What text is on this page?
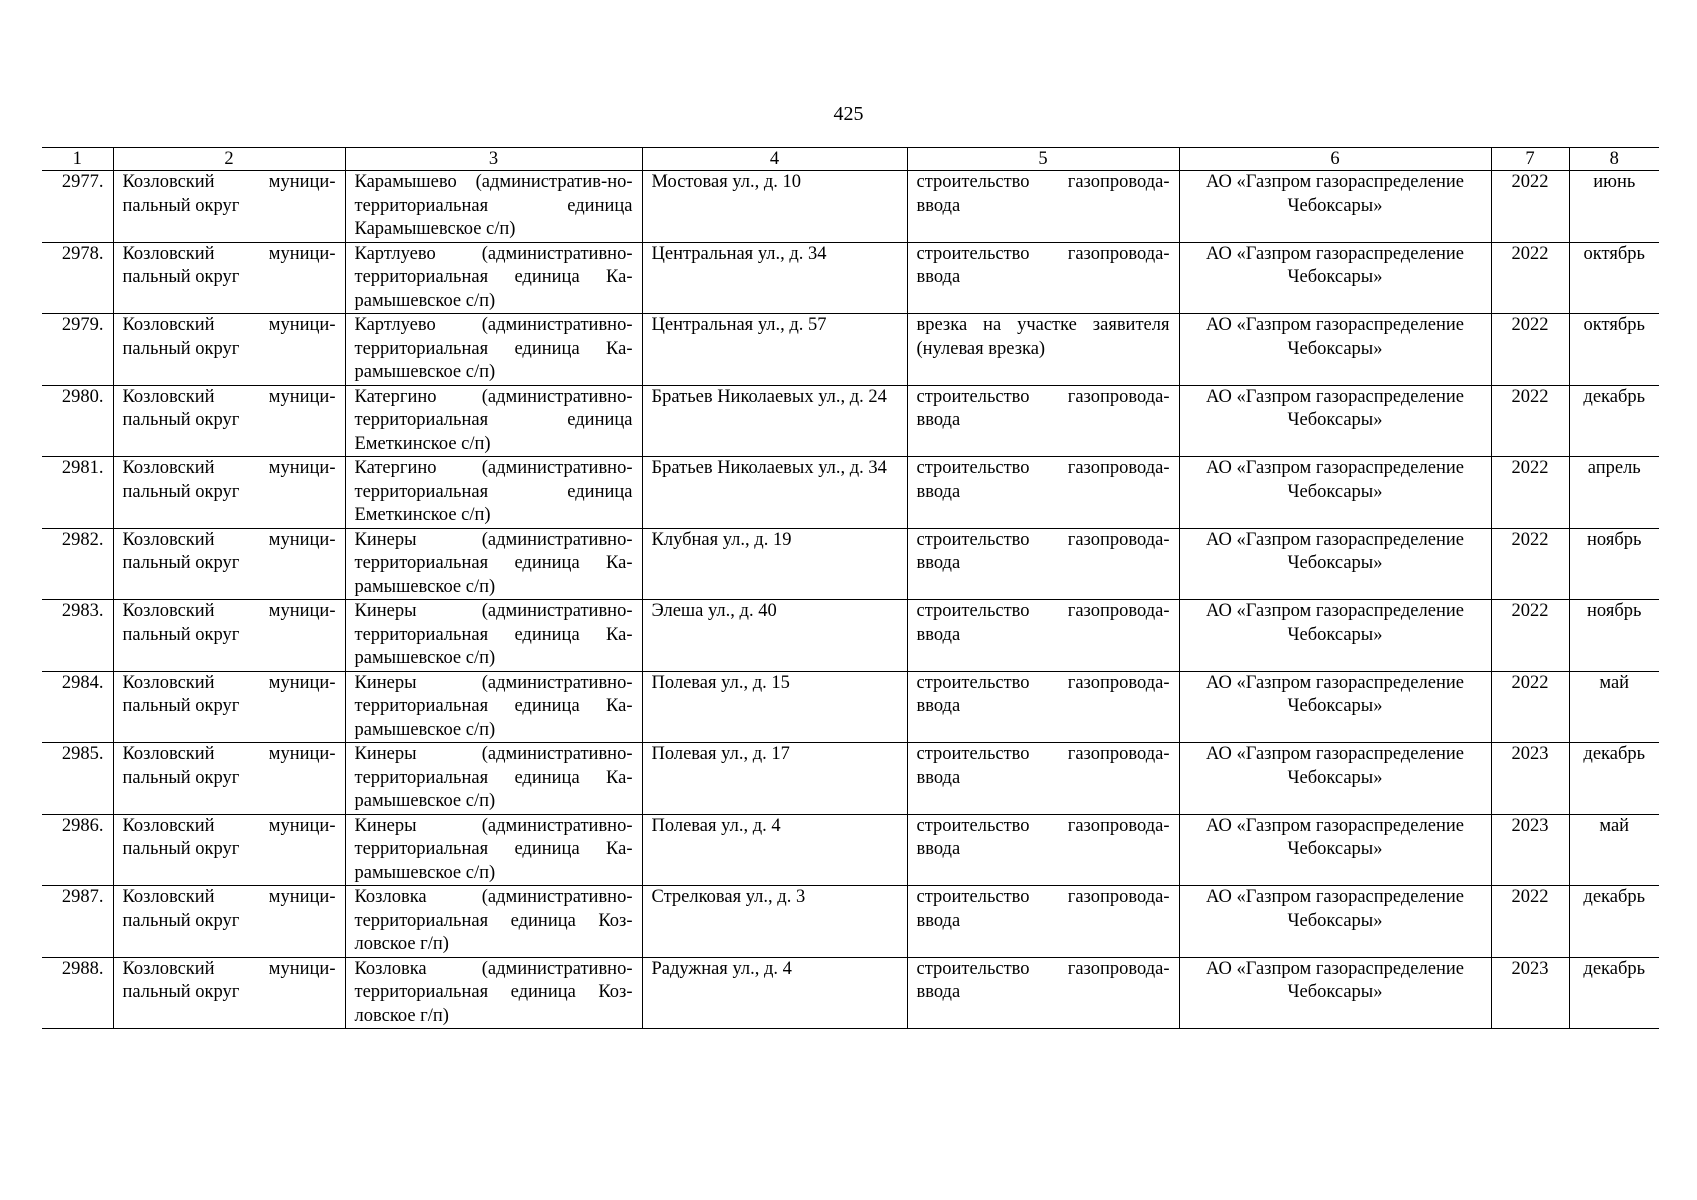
425
1	2	3	4	5	6	7	8
2977.	Козловский муници-пальный округ	Карамышево (административ-но-территориальная единица Карамышевское с/п)	Мостовая ул., д. 10	строительство газопровода-ввода	АО «Газпром газораспределение Чебоксары»	2022	июнь
2978.	Козловский муници-пальный округ	Картлуево (административно-территориальная единица Ка-рамышевское с/п)	Центральная ул., д. 34	строительство газопровода-ввода	АО «Газпром газораспределение Чебоксары»	2022	октябрь
2979.	Козловский муници-пальный округ	Картлуево (административно-территориальная единица Ка-рамышевское с/п)	Центральная ул., д. 57	врезка на участке заявителя (нулевая врезка)	АО «Газпром газораспределение Чебоксары»	2022	октябрь
2980.	Козловский муници-пальный округ	Катергино (административно-территориальная единица Еметкинское с/п)	Братьев Николаевых ул., д. 24	строительство газопровода-ввода	АО «Газпром газораспределение Чебоксары»	2022	декабрь
2981.	Козловский муници-пальный округ	Катергино (административно-территориальная единица Еметкинское с/п)	Братьев Николаевых ул., д. 34	строительство газопровода-ввода	АО «Газпром газораспределение Чебоксары»	2022	апрель
2982.	Козловский муници-пальный округ	Кинеры (административно-территориальная единица Ка-рамышевское с/п)	Клубная ул., д. 19	строительство газопровода-ввода	АО «Газпром газораспределение Чебоксары»	2022	ноябрь
2983.	Козловский муници-пальный округ	Кинеры (административно-территориальная единица Ка-рамышевское с/п)	Элеша ул., д. 40	строительство газопровода-ввода	АО «Газпром газораспределение Чебоксары»	2022	ноябрь
2984.	Козловский муници-пальный округ	Кинеры (административно-территориальная единица Ка-рамышевское с/п)	Полевая ул., д. 15	строительство газопровода-ввода	АО «Газпром газораспределение Чебоксары»	2022	май
2985.	Козловский муници-пальный округ	Кинеры (административно-территориальная единица Ка-рамышевское с/п)	Полевая ул., д. 17	строительство газопровода-ввода	АО «Газпром газораспределение Чебоксары»	2023	декабрь
2986.	Козловский муници-пальный округ	Кинеры (административно-территориальная единица Ка-рамышевское с/п)	Полевая ул., д. 4	строительство газопровода-ввода	АО «Газпром газораспределение Чебоксары»	2023	май
2987.	Козловский муници-пальный округ	Козловка (административно-территориальная единица Коз-ловское г/п)	Стрелковая ул., д. 3	строительство газопровода-ввода	АО «Газпром газораспределение Чебоксары»	2022	декабрь
2988.	Козловский муници-пальный округ	Козловка (административно-территориальная единица Коз-ловское г/п)	Радужная ул., д. 4	строительство газопровода-ввода	АО «Газпром газораспределение Чебоксары»	2023	декабрь
